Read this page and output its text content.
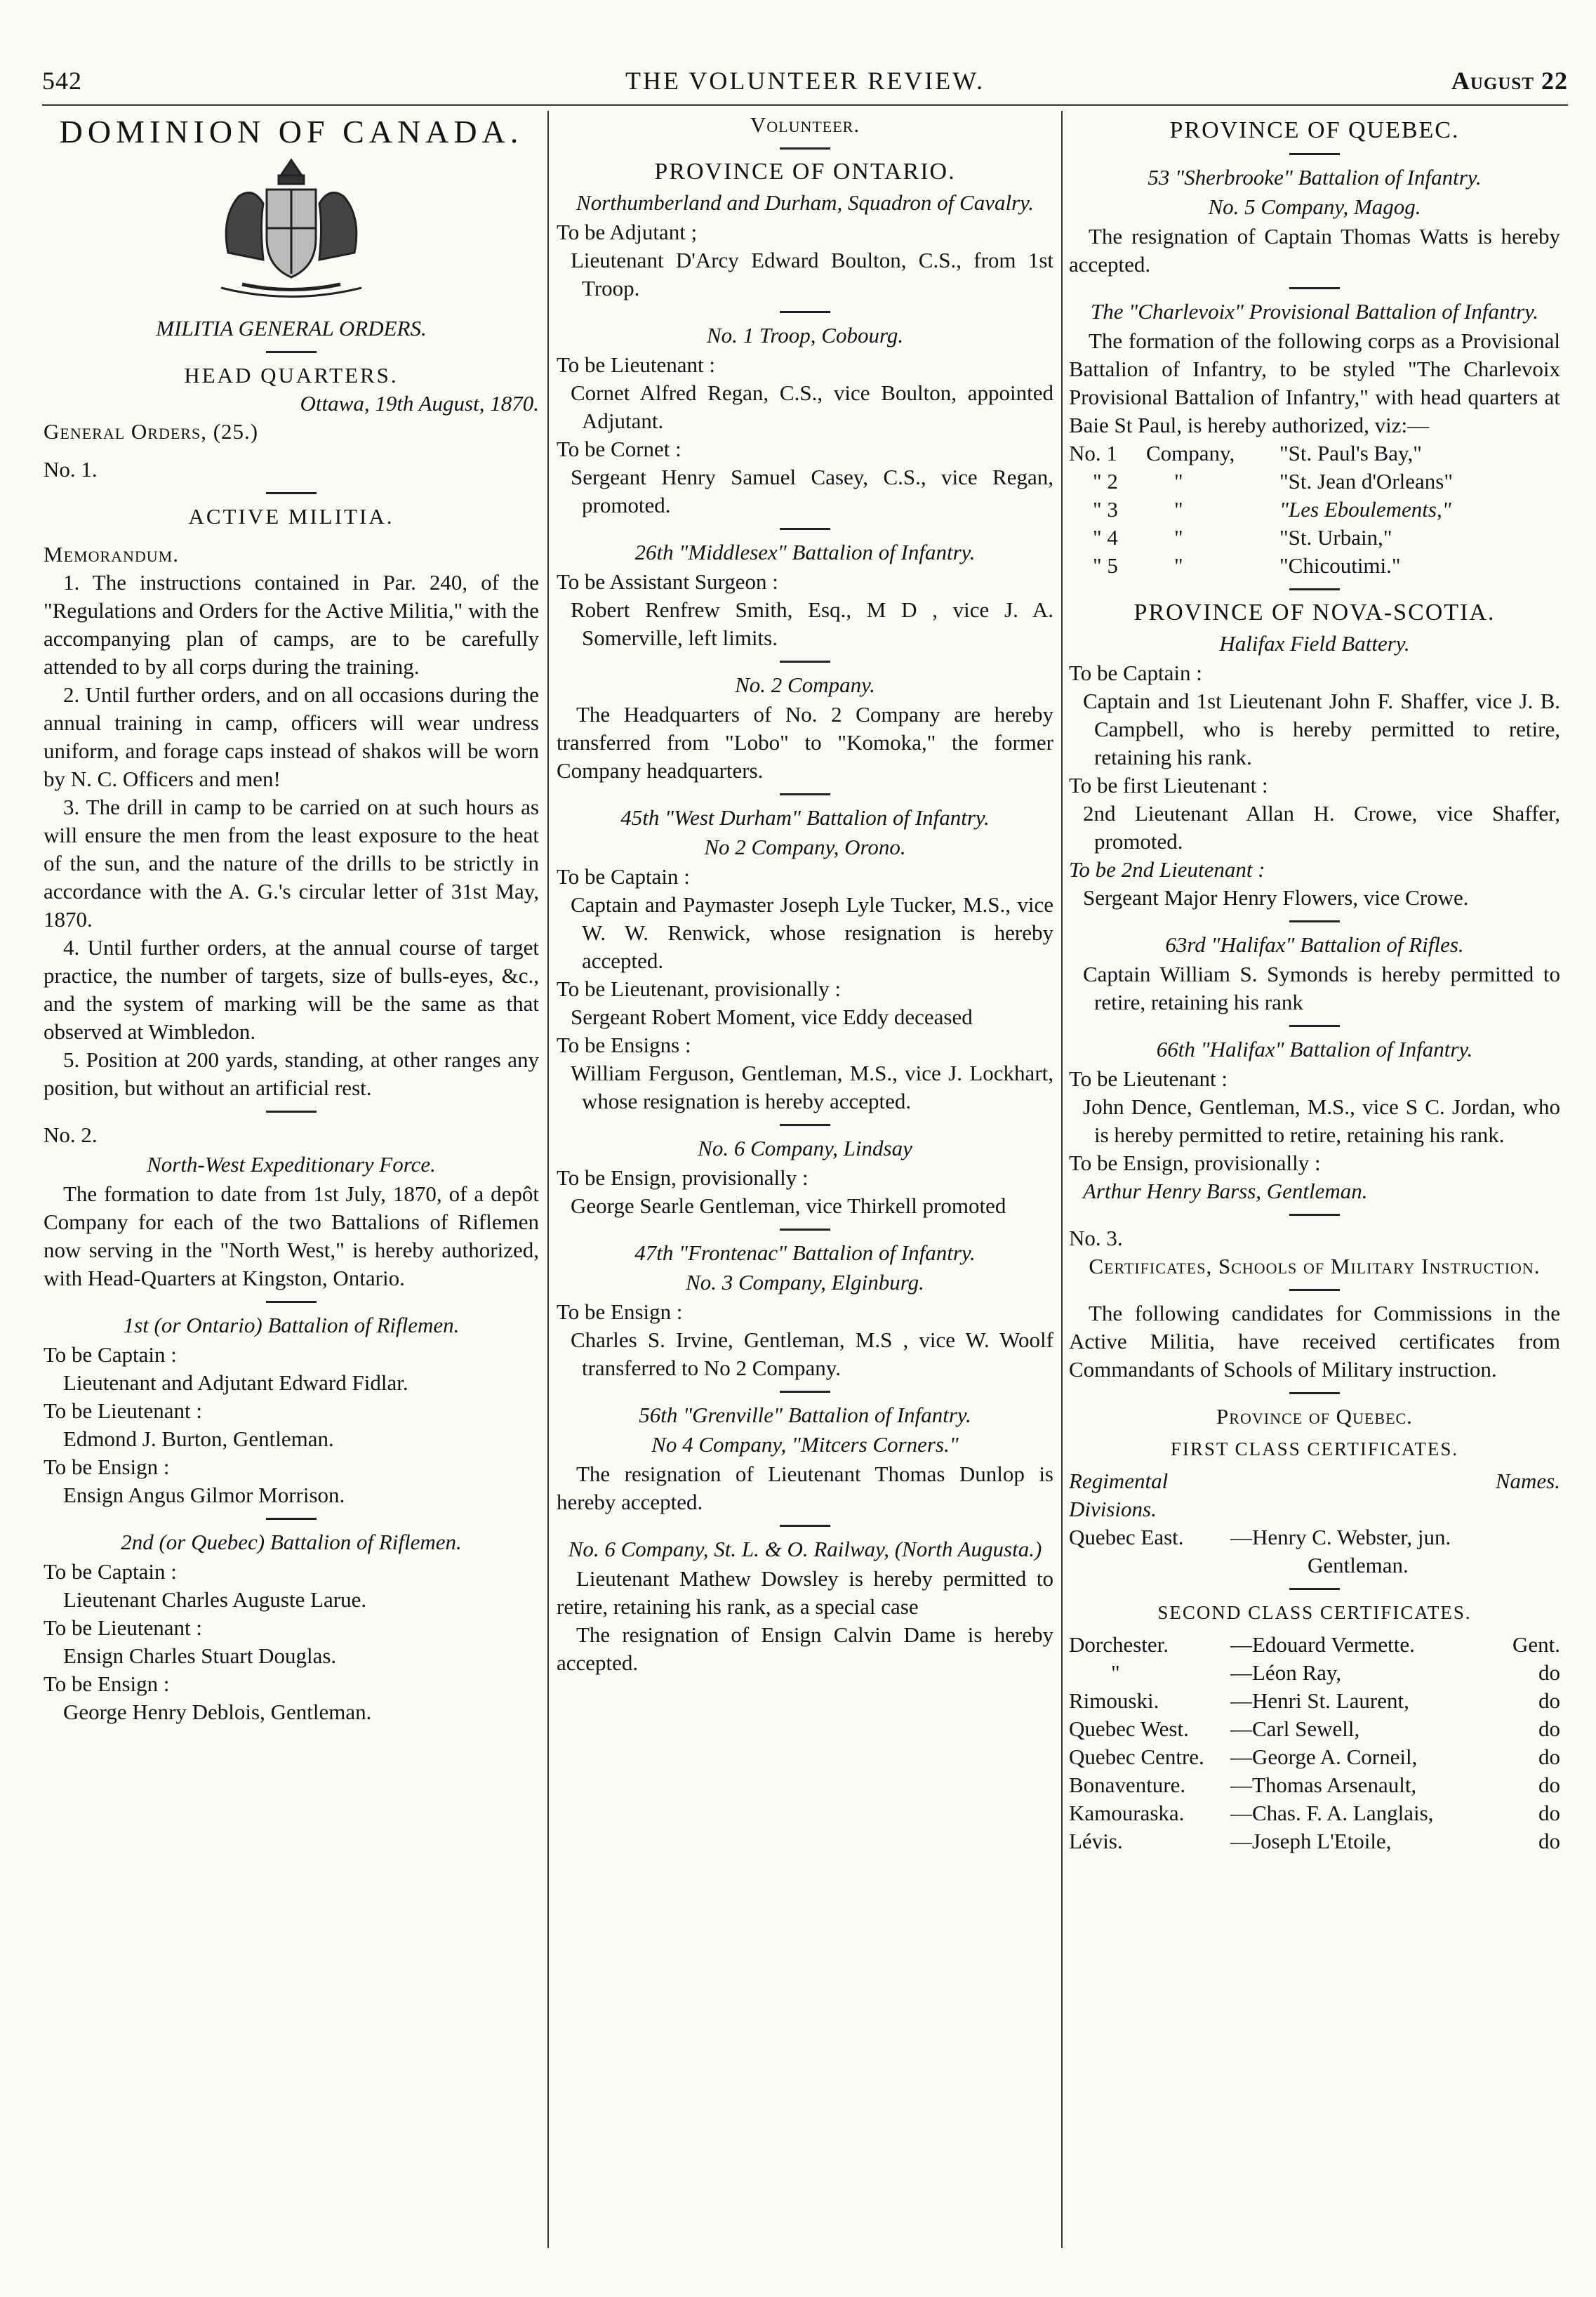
542	THE VOLUNTEER REVIEW.	August 22
DOMINION OF CANADA.
MILITIA GENERAL ORDERS.
HEAD QUARTERS.
Ottawa, 19th August, 1870.
General Orders, (25.)
No. 1.
ACTIVE MILITIA.
Memorandum.

1. The instructions contained in Par. 240, of the "Regulations and Orders for the Active Militia," with the accompanying plan of camps, are to be carefully attended to by all corps during the training.

2. Until further orders, and on all occasions during the annual training in camp, officers will wear undress uniform, and forage caps instead of shakos will be worn by N. C. Officers and men!

3. The drill in camp to be carried on at such hours as will ensure the men from the least exposure to the heat of the sun, and the nature of the drills to be strictly in accordance with the A. G.'s circular letter of 31st May, 1870.

4. Until further orders, at the annual course of target practice, the number of targets, size of bulls-eyes, &c., and the system of marking will be the same as that observed at Wimbledon.

5. Position at 200 yards, standing, at other ranges any position, but without an artificial rest.

No. 2.
North-West Expeditionary Force.

The formation to date from 1st July, 1870, of a depôt Company for each of the two Battalions of Riflemen now serving in the "North West," is hereby authorized, with Head-Quarters at Kingston, Ontario.

1st (or Ontario) Battalion of Riflemen.

To be Captain :

Lieutenant and Adjutant Edward Fidlar.

To be Lieutenant :

Edmond J. Burton, Gentleman.

To be Ensign :

Ensign Angus Gilmor Morrison.

2nd (or Quebec) Battalion of Riflemen.

To be Captain :

Lieutenant Charles Auguste Larue.

To be Lieutenant :

Ensign Charles Stuart Douglas.

To be Ensign :

George Henry Deblois, Gentleman.

Volunteer.
PROVINCE OF ONTARIO.
Northumberland and Durham, Squadron of Cavalry.

To be Adjutant ;

Lieutenant D'Arcy Edward Boulton, C.S., from 1st Troop.

No. 1 Troop, Cobourg.

To be Lieutenant :

Cornet Alfred Regan, C.S., vice Boulton, appointed Adjutant.

To be Cornet :

Sergeant Henry Samuel Casey, C.S., vice Regan, promoted.

26th "Middlesex" Battalion of Infantry.

To be Assistant Surgeon :

Robert Renfrew Smith, Esq., M D , vice J. A. Somerville, left limits.

No. 2 Company.

The Headquarters of No. 2 Company are hereby transferred from "Lobo" to "Komoka," the former Company headquarters.

45th "West Durham" Battalion of Infantry.
No 2 Company, Orono.

To be Captain :

Captain and Paymaster Joseph Lyle Tucker, M.S., vice W. W. Renwick, whose resignation is hereby accepted.

To be Lieutenant, provisionally :

Sergeant Robert Moment, vice Eddy deceased

To be Ensigns :

William Ferguson, Gentleman, M.S., vice J. Lockhart, whose resignation is hereby accepted.

No. 6 Company, Lindsay

To be Ensign, provisionally :

George Searle Gentleman, vice Thirkell promoted

47th "Frontenac" Battalion of Infantry.
No. 3 Company, Elginburg.

To be Ensign :

Charles S. Irvine, Gentleman, M.S , vice W. Woolf transferred to No 2 Company.

56th "Grenville" Battalion of Infantry.
No 4 Company, "Mitcers Corners."

The resignation of Lieutenant Thomas Dunlop is hereby accepted.

No. 6 Company, St. L. & O. Railway, (North Augusta.)

Lieutenant Mathew Dowsley is hereby permitted to retire, retaining his rank, as a special case

The resignation of Ensign Calvin Dame is hereby accepted.

PROVINCE OF QUEBEC.
53 "Sherbrooke" Battalion of Infantry.
No. 5 Company, Magog.

The resignation of Captain Thomas Watts is hereby accepted.

The "Charlevoix" Provisional Battalion of Infantry.

The formation of the following corps as a Provisional Battalion of Infantry, to be styled "The Charlevoix Provisional Battalion of Infantry," with head quarters at Baie St Paul, is hereby authorized, viz:—

No. 1	Company,	"St. Paul's Bay,"
" 2	"	"St. Jean d'Orleans"
" 3	"	"Les Eboulements,"
" 4	"	"St. Urbain,"
" 5	"	"Chicoutimi."
PROVINCE OF NOVA-SCOTIA.
Halifax Field Battery.

To be Captain :

Captain and 1st Lieutenant John F. Shaffer, vice J. B. Campbell, who is hereby permitted to retire, retaining his rank.

To be first Lieutenant :

2nd Lieutenant Allan H. Crowe, vice Shaffer, promoted.

To be 2nd Lieutenant :

Sergeant Major Henry Flowers, vice Crowe.

63rd "Halifax" Battalion of Rifles.

Captain William S. Symonds is hereby permitted to retire, retaining his rank

66th "Halifax" Battalion of Infantry.

To be Lieutenant :

John Dence, Gentleman, M.S., vice S C. Jordan, who is hereby permitted to retire, retaining his rank.

To be Ensign, provisionally :

Arthur Henry Barss, Gentleman.

No. 3.
Certificates, Schools of Military Instruction.

The following candidates for Commissions in the Active Militia, have received certificates from Commandants of Schools of Military instruction.

Province of Quebec.
FIRST CLASS CERTIFICATES.
Regimental Divisions.	Names.
Quebec East.	—Henry C. Webster, jun.
	Gentleman.
SECOND CLASS CERTIFICATES.
Dorchester.	—Edouard Vermette.	Gent.
"	—Léon Ray,	do
Rimouski.	—Henri St. Laurent,	do
Quebec West.	—Carl Sewell,	do
Quebec Centre.	—George A. Corneil,	do
Bonaventure.	—Thomas Arsenault,	do
Kamouraska.	—Chas. F. A. Langlais,	do
Lévis.	—Joseph L'Etoile,	do
